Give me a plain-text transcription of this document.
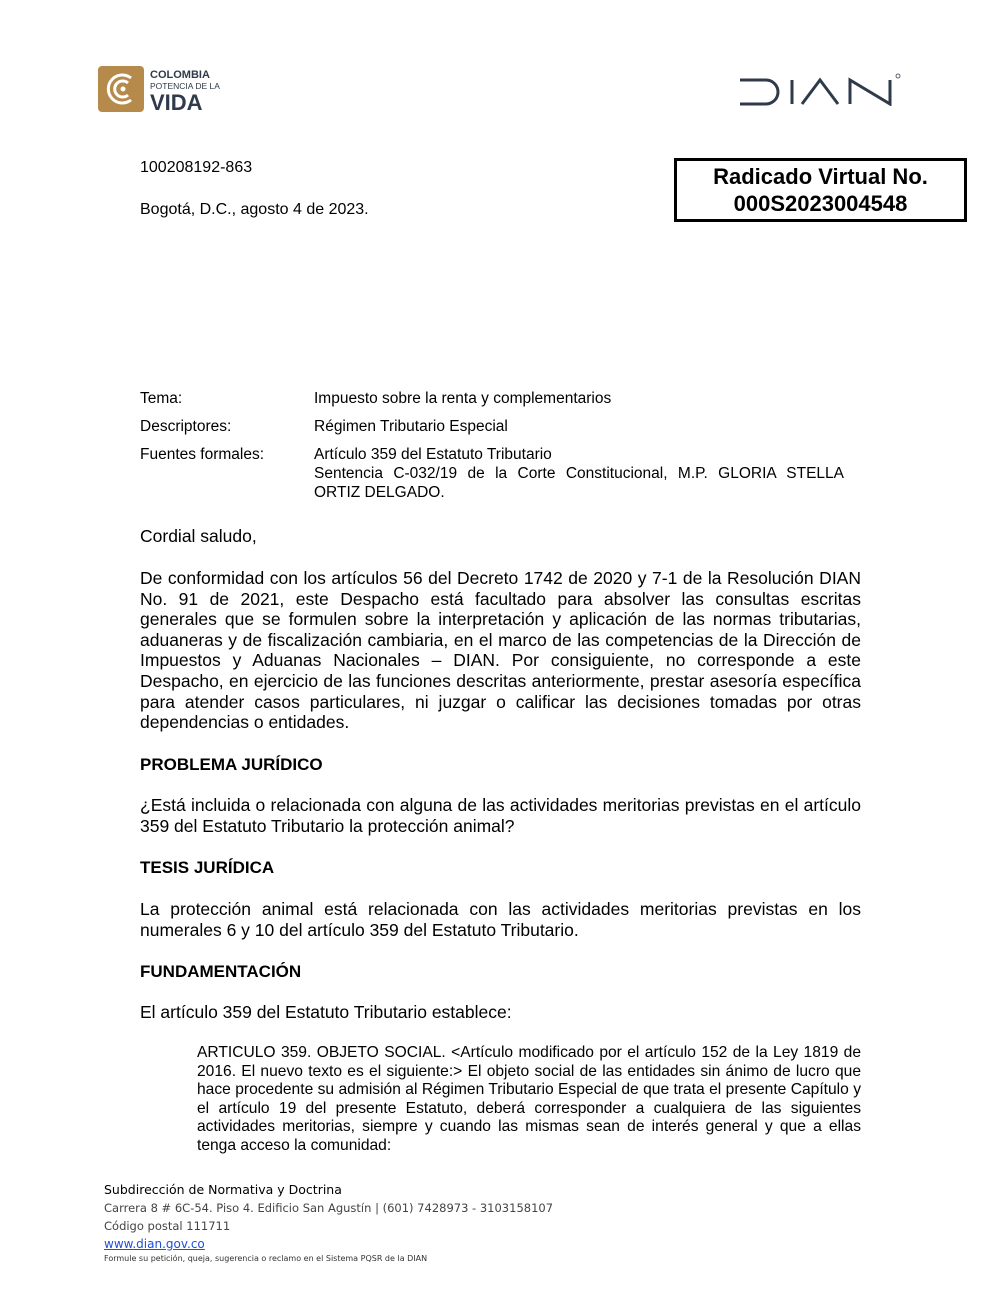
COLOMBIA
POTENCIA DE LA
VIDA
100208192-863
Bogotá, D.C., agosto 4 de 2023.
Radicado Virtual No.
000S2023004548
Tema:	Impuesto sobre la renta y complementarios
Descriptores:	Régimen Tributario Especial
Fuentes formales:	Artículo 359 del Estatuto Tributario
Sentencia C-032/19 de la Corte Constitucional, M.P. GLORIA STELLA ORTIZ DELGADO.
Cordial saludo,
De conformidad con los artículos 56 del Decreto 1742 de 2020 y 7-1 de la Resolución DIAN No. 91 de 2021, este Despacho está facultado para absolver las consultas escritas generales que se formulen sobre la interpretación y aplicación de las normas tributarias, aduaneras y de fiscalización cambiaria, en el marco de las competencias de la Dirección de Impuestos y Aduanas Nacionales – DIAN. Por consiguiente, no corresponde a este Despacho, en ejercicio de las funciones descritas anteriormente, prestar asesoría específica para atender casos particulares, ni juzgar o calificar las decisiones tomadas por otras dependencias o entidades.
PROBLEMA JURÍDICO
¿Está incluida o relacionada con alguna de las actividades meritorias previstas en el artículo 359 del Estatuto Tributario la protección animal?
TESIS JURÍDICA
La protección animal está relacionada con las actividades meritorias previstas en los numerales 6 y 10 del artículo 359 del Estatuto Tributario.
FUNDAMENTACIÓN
El artículo 359 del Estatuto Tributario establece:
ARTICULO 359. OBJETO SOCIAL. <Artículo modificado por el artículo 152 de la Ley 1819 de 2016. El nuevo texto es el siguiente:> El objeto social de las entidades sin ánimo de lucro que hace procedente su admisión al Régimen Tributario Especial de que trata el presente Capítulo y el artículo 19 del presente Estatuto, deberá corresponder a cualquiera de las siguientes actividades meritorias, siempre y cuando las mismas sean de interés general y que a ellas tenga acceso la comunidad:
Subdirección de Normativa y Doctrina
Carrera 8 # 6C-54. Piso 4. Edificio San Agustín | (601) 7428973 - 3103158107
Código postal 111711
www.dian.gov.co
Formule su petición, queja, sugerencia o reclamo en el Sistema PQSR de la DIAN
